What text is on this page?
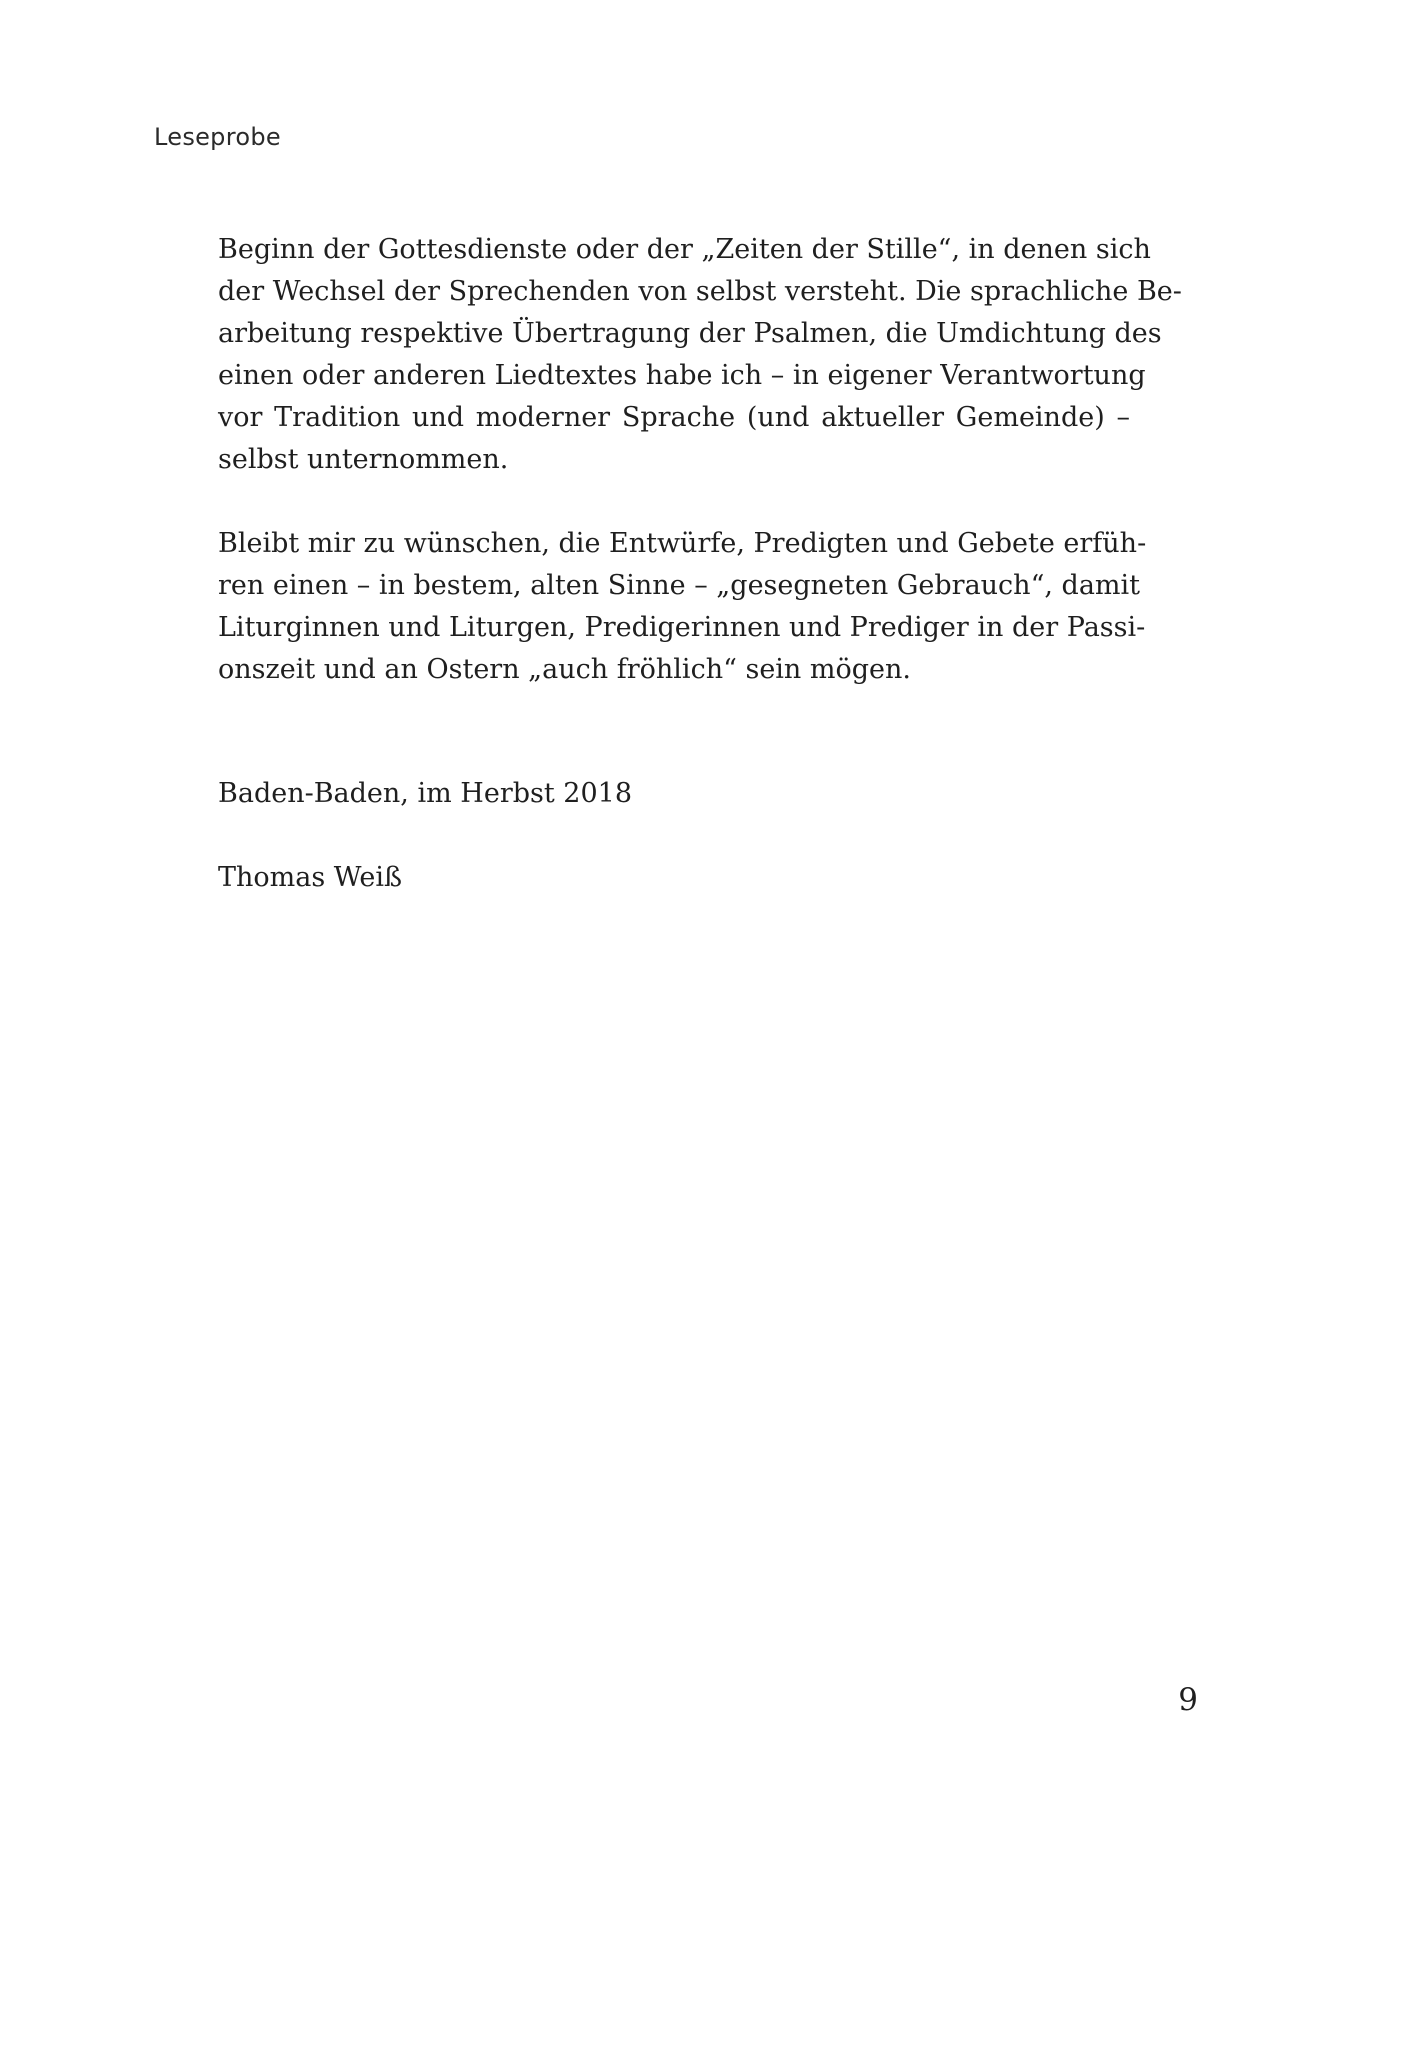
Leseprobe

Beginn der Gottesdienste oder der „Zeiten der Stille“, in denen sich

der Wechsel der Sprechenden von selbst versteht. Die sprachliche Be-

arbeitung respektive Übertragung der Psalmen, die Umdichtung des

einen oder anderen Liedtextes habe ich – in eigener Verantwortung

vor Tradition und moderner Sprache (und aktueller Gemeinde) –

selbst unternommen.

Bleibt mir zu wünschen, die Entwürfe, Predigten und Gebete erfüh-

ren einen – in bestem, alten Sinne – „gesegneten Gebrauch“, damit

Liturginnen und Liturgen, Predigerinnen und Prediger in der Passi-

onszeit und an Ostern „auch fröhlich“ sein mögen.

Baden-Baden, im Herbst 2018

Thomas Weiß

9
